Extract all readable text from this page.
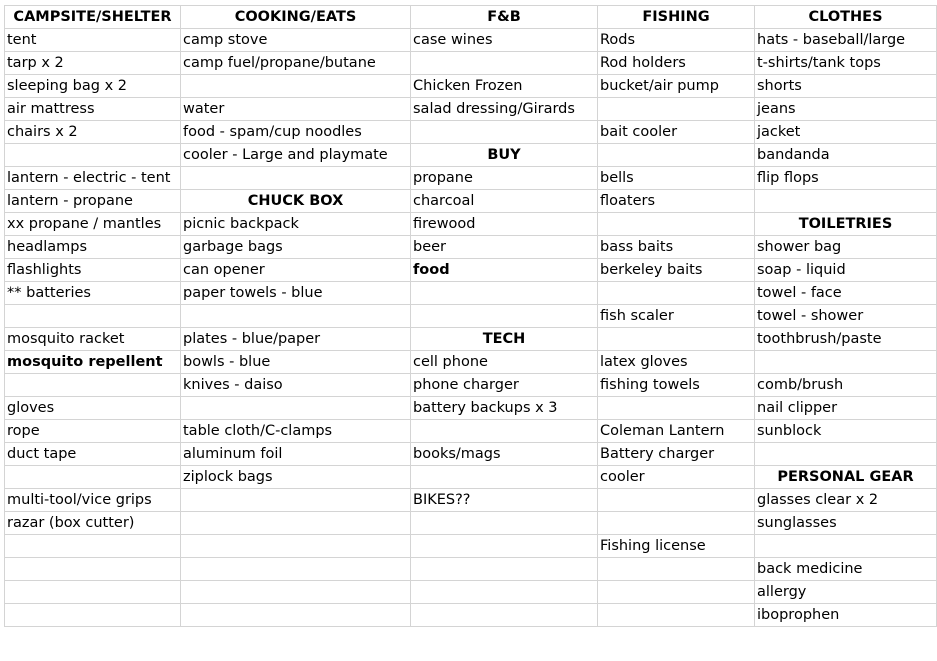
CAMPSITE/SHELTER	COOKING/EATS	F&B	FISHING	CLOTHES
tent	camp stove	case wines	Rods	hats - baseball/large
tarp x 2	camp fuel/propane/butane		Rod holders	t-shirts/tank tops
sleeping bag x 2		Chicken Frozen	bucket/air pump	shorts
air mattress	water	salad dressing/Girards		jeans
chairs x 2	food - spam/cup noodles		bait cooler	jacket
	cooler - Large and playmate	BUY		bandanda
lantern - electric - tent		propane	bells	flip flops
lantern - propane	CHUCK BOX	charcoal	floaters	
xx propane / mantles	picnic backpack	firewood		TOILETRIES
headlamps	garbage bags	beer	bass baits	shower bag
flashlights	can opener	food	berkeley baits	soap - liquid
** batteries	paper towels - blue			towel - face
			fish scaler	towel - shower
mosquito racket	plates - blue/paper	TECH		toothbrush/paste
mosquito repellent	bowls - blue	cell phone	latex gloves	
	knives - daiso	phone charger	fishing towels	comb/brush
gloves		battery backups x 3		nail clipper
rope	table cloth/C-clamps		Coleman Lantern	sunblock
duct tape	aluminum foil	books/mags	Battery charger	
	ziplock bags		cooler	PERSONAL GEAR
multi-tool/vice grips		BIKES??		glasses clear x 2
razar (box cutter)				sunglasses
			Fishing license	
				back medicine
				allergy
				iboprophen
